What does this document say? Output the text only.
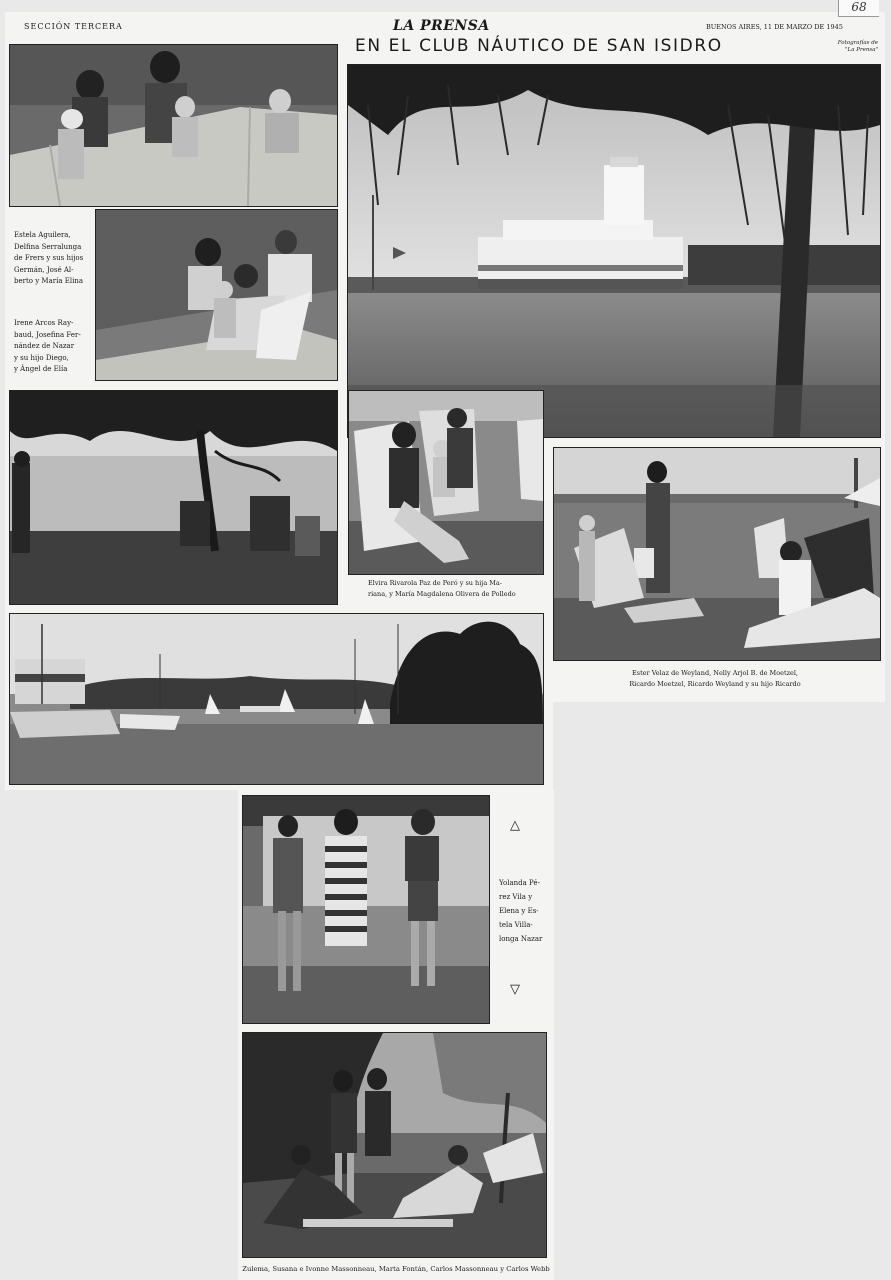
SECCIÓN TERCERA	LA PRENSA	BUENOS AIRES, 11 DE MARZO DE 1945
68
EN EL CLUB NÁUTICO DE SAN ISIDRO	Fotografías de
"La Prensa"
Estela Aguilera,
Delfina Serralunga
de Frers y sus hijos
Germán, José Al-
berto y María Elina
Irene Arcos Ray-
baud, Josefina Fer-
nández de Nazar
y su hijo Diego,
y Ángel de Elía
Elvira Rivarola Paz de Peró y su hija Ma-
riana, y María Magdalena Olivera de Polledo
Ester Velaz de Weyland, Nelly Arjol B. de Moetzel,
Ricardo Moetzel, Ricardo Weyland y su hijo Ricardo
△
Yolanda Pé-
rez Vila y
Elena y Es-
tela Villa-
longa Nazar
▽
Zulema, Susana e Ivonne Massonneau, Marta Fontán, Carlos Massonneau y Carlos Webb
